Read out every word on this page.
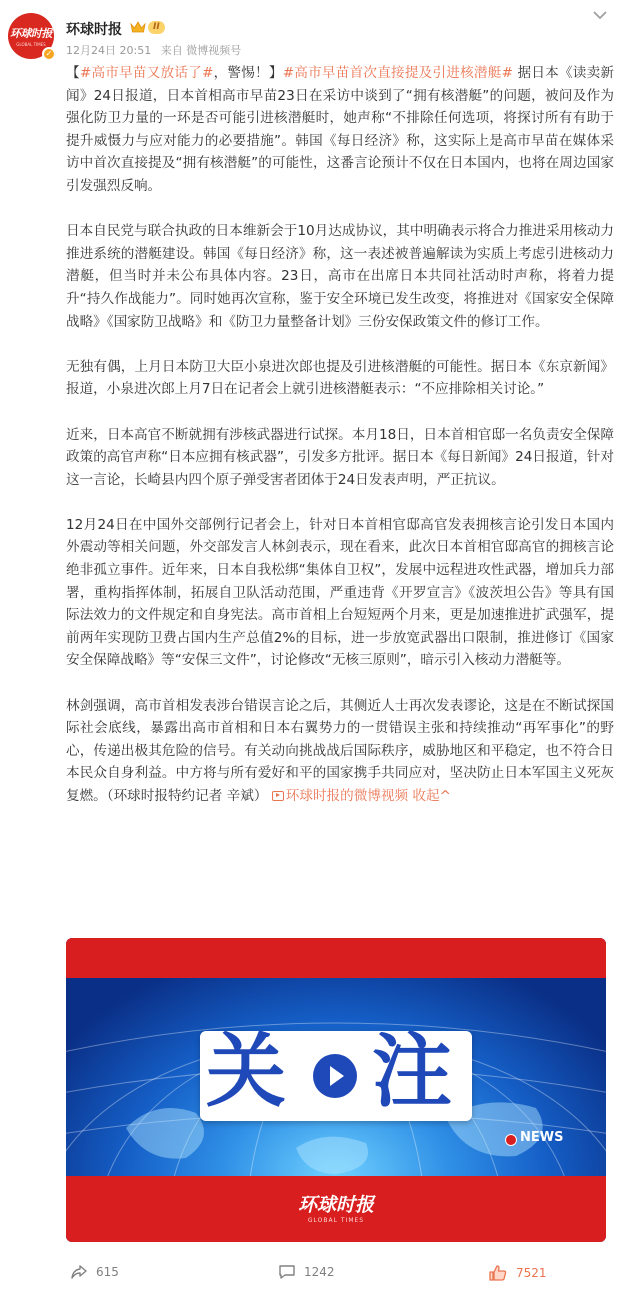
环球时报
GLOBAL TIMES
✓
环球时报	II
12月24日 20:51 来自 微博视频号

【#高市早苗又放话了#，警惕！】#高市早苗首次直接提及引进核潜艇# 据日本《读卖新闻》24日报道，日本首相高市早苗23日在采访中谈到了“拥有核潜艇”的问题，被问及作为强化防卫力量的一环是否可能引进核潜艇时，她声称“不排除任何选项，将探讨所有有助于提升威慑力与应对能力的必要措施”。韩国《每日经济》称，这实际上是高市早苗在媒体采访中首次直接提及“拥有核潜艇”的可能性，这番言论预计不仅在日本国内，也将在周边国家引发强烈反响。

日本自民党与联合执政的日本维新会于10月达成协议，其中明确表示将合力推进采用核动力推进系统的潜艇建设。韩国《每日经济》称，这一表述被普遍解读为实质上考虑引进核动力潜艇，但当时并未公布具体内容。23日，高市在出席日本共同社活动时声称，将着力提升“持久作战能力”。同时她再次宣称，鉴于安全环境已发生改变，将推进对《国家安全保障战略》《国家防卫战略》和《防卫力量整备计划》三份安保政策文件的修订工作。

无独有偶，上月日本防卫大臣小泉进次郎也提及引进核潜艇的可能性。据日本《东京新闻》报道，小泉进次郎上月7日在记者会上就引进核潜艇表示：“不应排除相关讨论。”

近来，日本高官不断就拥有涉核武器进行试探。本月18日，日本首相官邸一名负责安全保障政策的高官声称“日本应拥有核武器”，引发多方批评。据日本《每日新闻》24日报道，针对这一言论，长崎县内四个原子弹受害者团体于24日发表声明，严正抗议。

12月24日在中国外交部例行记者会上，针对日本首相官邸高官发表拥核言论引发日本国内外震动等相关问题，外交部发言人林剑表示，现在看来，此次日本首相官邸高官的拥核言论绝非孤立事件。近年来，日本自我松绑“集体自卫权”，发展中远程进攻性武器，增加兵力部署，重构指挥体制，拓展自卫队活动范围，严重违背《开罗宣言》《波茨坦公告》等具有国际法效力的文件规定和自身宪法。高市首相上台短短两个月来，更是加速推进扩武强军，提前两年实现防卫费占国内生产总值2%的目标，进一步放宽武器出口限制，推进修订《国家安全保障战略》等“安保三文件”，讨论修改“无核三原则”，暗示引入核动力潜艇等。

林剑强调，高市首相发表涉台错误言论之后，其侧近人士再次发表谬论，这是在不断试探国际社会底线，暴露出高市首相和日本右翼势力的一贯错误主张和持续推动“再军事化”的野心，传递出极其危险的信号。有关动向挑战战后国际秩序，威胁地区和平稳定，也不符合日本民众自身利益。中方将与所有爱好和平的国家携手共同应对，坚决防止日本军国主义死灰复燃。（环球时报特约记者 辛斌） 环球时报的微博视频 收起^

关 注
NEWS
环球时报
GLOBAL TIMES
615	1242	7521
